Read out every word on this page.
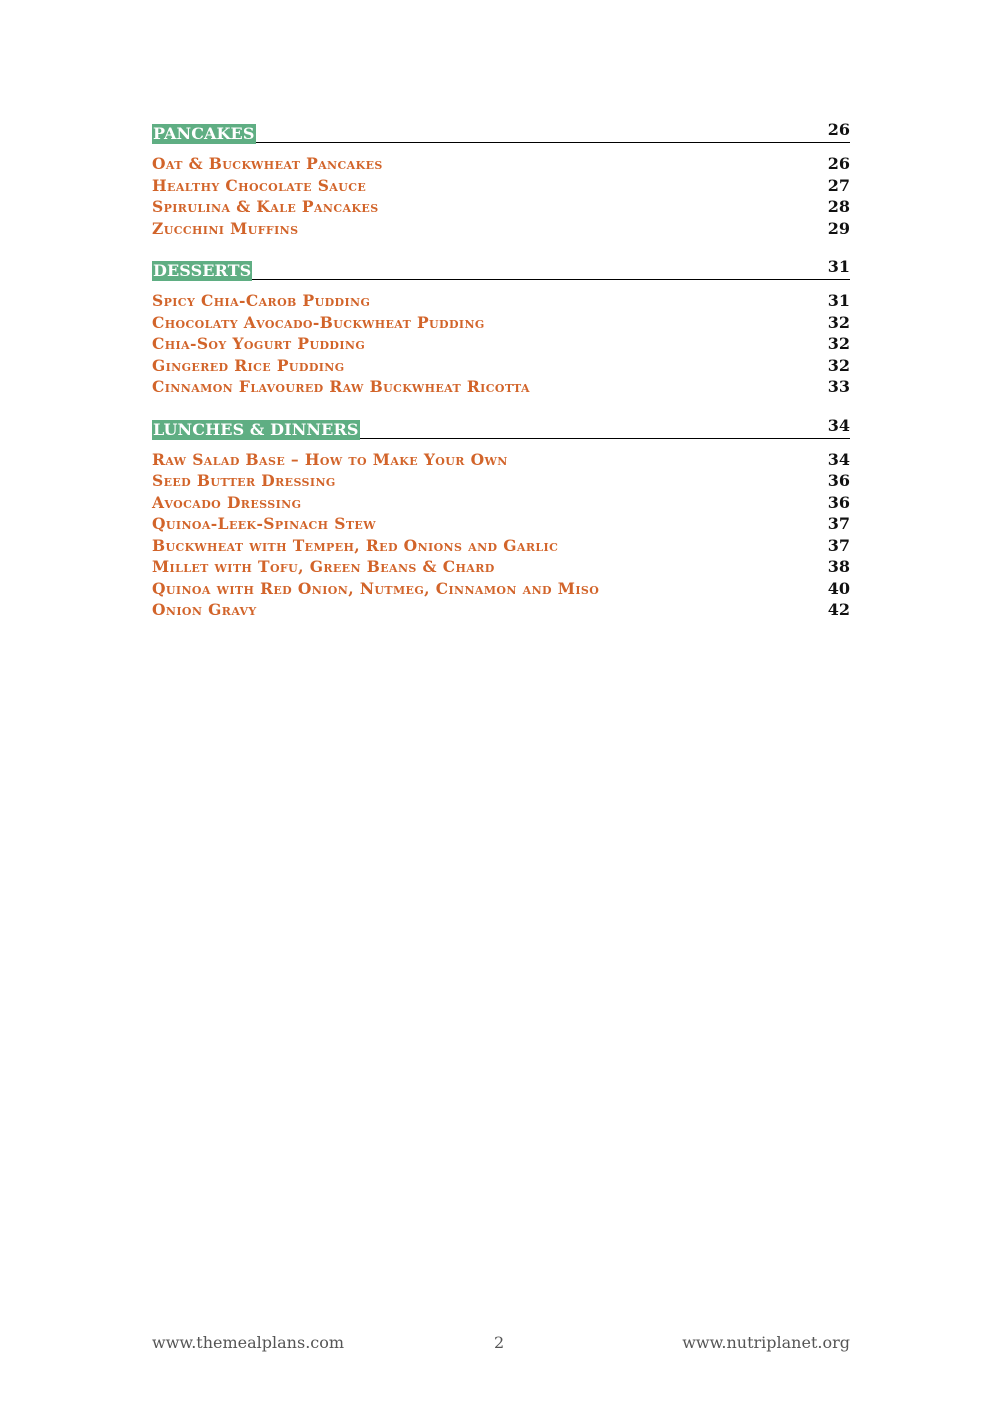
PANCAKES	26
Oat & Buckwheat Pancakes	26
Healthy Chocolate Sauce	27
Spirulina & Kale Pancakes	28
Zucchini Muffins	29
DESSERTS	31
Spicy Chia-Carob Pudding	31
Chocolaty Avocado-Buckwheat Pudding	32
Chia-Soy Yogurt Pudding	32
Gingered Rice Pudding	32
Cinnamon Flavoured Raw Buckwheat Ricotta	33
LUNCHES & DINNERS	34
Raw Salad Base – How to Make Your Own	34
Seed Butter Dressing	36
Avocado Dressing	36
Quinoa-Leek-Spinach Stew	37
Buckwheat with Tempeh, Red Onions and Garlic	37
Millet with Tofu, Green Beans & Chard	38
Quinoa with Red Onion, Nutmeg, Cinnamon and Miso	40
Onion Gravy	42
www.themealplans.com	2	www.nutriplanet.org
